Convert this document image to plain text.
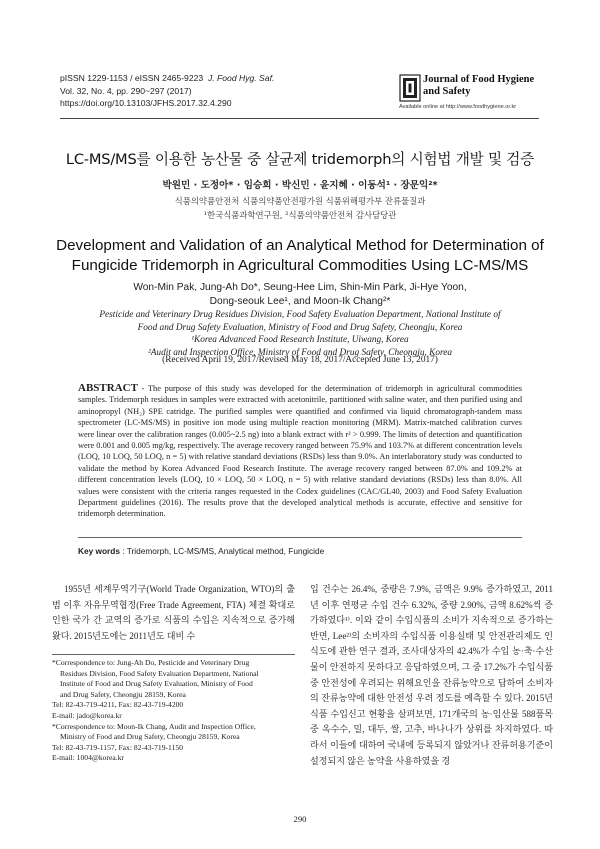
pISSN 1229-1153 / eISSN 2465-9223 J. Food Hyg. Saf.
Vol. 32, No. 4, pp. 290~297 (2017)
https://doi.org/10.13103/JFHS.2017.32.4.290
Journal of Food Hygiene
and Safety
Available online at http://www.foodhygiene.or.kr
LC-MS/MS를 이용한 농산물 중 살균제 tridemorph의 시험법 개발 및 검증
박원민 · 도정아* · 임승희 · 박신민 · 윤지혜 · 이동석¹ · 장문익²*
식품의약품안전처 식품의약품안전평가원 식품위해평가부 잔류물질과
¹한국식품과학연구원, ²식품의약품안전처 감사담당관
Development and Validation of an Analytical Method for Determination of
Fungicide Tridemorph in Agricultural Commodities Using LC-MS/MS
Won-Min Pak, Jung-Ah Do*, Seung-Hee Lim, Shin-Min Park, Ji-Hye Yoon,
Dong-seouk Lee¹, and Moon-Ik Chang²*
Pesticide and Veterinary Drug Residues Division, Food Safety Evaluation Department, National Institute of
Food and Drug Safety Evaluation, Ministry of Food and Drug Safety, Cheongju, Korea
¹Korea Advanced Food Research Institute, Uiwang, Korea
²Audit and Inspection Office, Ministry of Food and Drug Safety, Cheongju, Korea
(Received April 19, 2017/Revised May 18, 2017/Accepted June 13, 2017)
ABSTRACT - The purpose of this study was developed for the determination of tridemorph in agricultural commodities samples. Tridemorph residues in samples were extracted with acetonitrile, partitioned with saline water, and then purified using and aminopropyl (NH₂) SPE catridge. The purified samples were quantified and confirmed via liquid chromatograph-tandem mass spectrometer (LC-MS/MS) in positive ion mode using multiple reaction monitoring (MRM). Matrix-matched calibration curves were linear over the calibration ranges (0.005~2.5 ng) into a blank extract with r² > 0.999. The limits of detection and quantification were 0.001 and 0.005 mg/kg, respectively. The average recovery ranged between 75.9% and 103.7% at different concentration levels (LOQ, 10 LOQ, 50 LOQ, n = 5) with relative standard deviations (RSDs) less than 9.0%. An interlaboratory study was conducted to validate the method by Korea Advanced Food Research Institute. The average recovery ranged between 87.0% and 109.2% at different concentration levels (LOQ, 10 × LOQ, 50 × LOQ, n = 5) with relative standard deviations (RSDs) less than 8.0%. All values were consistent with the criteria ranges requested in the Codex guidelines (CAC/GL40, 2003) and Food Safety Evaluation Department guidelines (2016). The results prove that the developed analytical methods is accurate, effective and sensitive for tridemorph determination.
Key words : Tridemorph, LC-MS/MS, Analytical method, Fungicide

1955년 세계무역기구(World Trade Organization, WTO)의 출범 이후 자유무역협정(Free Trade Agreement, FTA) 체결 확대로 인한 국가 간 교역의 증가로 식품의 수입은 지속적으로 증가해 왔다. 2015년도에는 2011년도 대비 수

입 건수는 26.4%, 중량은 7.9%, 금액은 9.9% 증가하였고, 2011년 이후 연평균 수입 건수 6.32%, 중량 2.90%, 금액 8.62%씩 증가하였다¹⁾. 이와 같이 수입식품의 소비가 지속적으로 증가하는 반면, Lee²⁾의 소비자의 수입식품 이용실태 및 안전관리제도 인식도에 관한 연구 결과, 조사대상자의 42.4%가 수입 농·축·수산물이 안전하지 못하다고 응답하였으며, 그 중 17.2%가 수입식품 중 안전성에 우려되는 위해요인을 잔류농약으로 답하여 소비자의 잔류농약에 대한 안전성 우려 정도를 예측할 수 있다. 2015년 식품 수입신고 현황을 살펴보면, 171개국의 농·임산물 588품목 중 옥수수, 밀, 대두, 쌀, 고추, 바나나가 상위를 차지하였다. 따라서 이들에 대하여 국내에 등록되지 않았거나 잔류허용기준이 설정되지 않은 농약을 사용하였을 경

*Correspondence to: Jung-Ah Do, Pesticide and Veterinary Drug

Residues Division, Food Safety Evaluation Department, National

Institute of Food and Drug Safety Evaluation, Ministry of Food

and Drug Safety, Cheongju 28159, Korea

Tel: 82-43-719-4211, Fax: 82-43-719-4200

E-mail: jado@korea.kr

*Correspondence to: Moon-Ik Chang, Audit and Inspection Office,

Ministry of Food and Drug Safety, Cheongju 28159, Korea

Tel: 82-43-719-1157, Fax: 82-43-719-1150

E-mail: 1004@korea.kr

290
